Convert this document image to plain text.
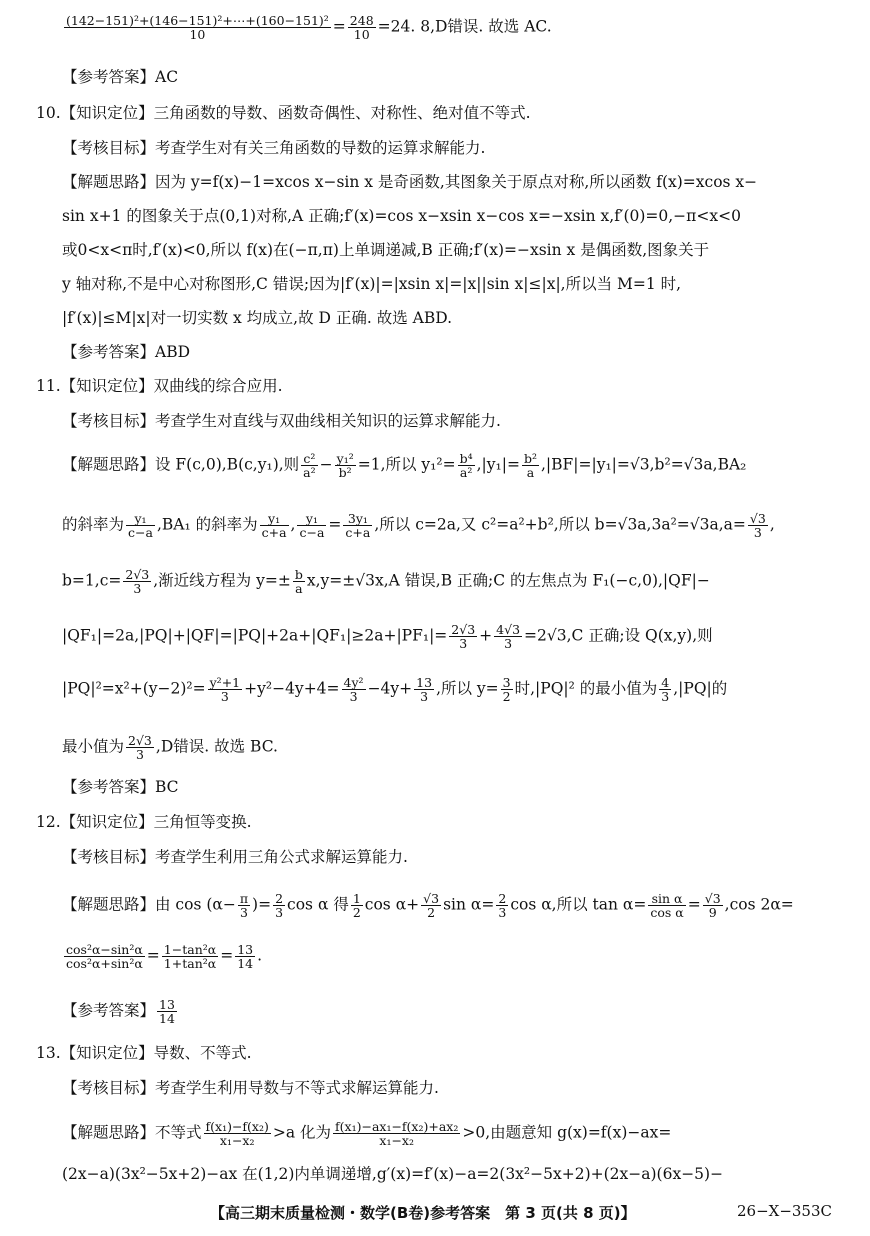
$\frac{\text{(142−151)²+(146−151)²+⋯+(160−151)²}}{10} = \frac{248}{10} =24$. 8,D错误. 故选 AC.
【参考答案】AC
10.【知识定位】三角函数的导数、函数奇偶性、对称性、绝对值不等式.
【考核目标】考查学生对有关三角函数的导数的运算求解能力.
【解题思路】因为 y=f(x)−1=xcos x−sin x 是奇函数,其图象关于原点对称,所以函数 f(x)=xcos x−
sin x+1 的图象关于点(0,1)对称,A 正确;f′(x)=cos x−xsin x−cos x=−xsin x,f′(0)=0,−π<x<0
或0<x<π时,f′(x)<0,所以 f(x)在(−π,π)上单调递减,B 正确;f′(x)=−xsin x 是偶函数,图象关于
y 轴对称,不是中心对称图形,C 错误;因为|f′(x)|=|xsin x|=|x||sin x|≤|x|,所以当 M=1 时,
|f′(x)|≤M|x|对一切实数 x 均成立,故 D 正确. 故选 ABD.
【参考答案】ABD
11.【知识定位】双曲线的综合应用.
【考核目标】考查学生对直线与双曲线相关知识的运算求解能力.
【解题思路】设 F(c,0),B(c,y₁),则 $\frac{\text{c²}}{\text{a²}} - \frac{\text{y₁²}}{\text{b²}} =1$,所以 $y_1^2= \frac{\text{b⁴}}{\text{a²}} ,|y_1|= \frac{\text{b²}}{a} ,|BF|=|y_1|=√3,b^2=√3a,BA_2$
的斜率为 $\frac{\text{y₁}}{c-a} ,BA_1$ 的斜率为 $\frac{\text{y₁}}{c+a}$ , $\frac{\text{y₁}}{c-a} = \frac{\text{3y₁}}{c+a}$ ,所以 c=2a,又 c²=a²+b²,所以 $b=√3a,3a^2=√3a,a= \frac{√3}{3}$ ,
$b=1,c= \frac{2√3}{3}$ ,渐近线方程为 $y=\pm \frac{b}{a} x,y=\pm√3x,A$ 错误,B 正确;C 的左焦点为 F₁(−c,0),|QF|−
$|QF_1|=2a,|PQ|+|QF|=|PQ|+2a+|QF_1|\ge 2a+|PF_1|= \frac{2√3}{3} + \frac{4√3}{3} =2√3,C$ 正确;设 Q(x,y),则
$|PQ|^2=x^2+(y-2)^2= \frac{\text{y²+1}}{3} +y^2-4y+4= \frac{\text{4y²}}{3} -4y+ \frac{13}{3}$ ,所以 $y= \frac{3}{2}$ 时,|PQ|² 的最小值为 $\frac{4}{3} ,|PQ|$的
最小值为 $\frac{2√3}{3} ,D$错误. 故选 BC.
【参考答案】BC
12.【知识定位】三角恒等变换.
【考核目标】考查学生利用三角公式求解运算能力.
【解题思路】由 $\cos (\alpha- \frac{\pi}{3}$ )= $\frac{2}{3}$ cos α 得 $\frac{1}{2}$ $\cos \alpha+ \frac{√3}{2}$ $\sin \alpha= \frac{2}{3}$ cos α,所以 $\tan \alpha= \frac{\text{sin α}}{\text{cos α}} = \frac{√3}{9} ,\cos$ 2α=
$\frac{\text{cos²α−sin²α}}{\text{cos²α+sin²α}} = \frac{\text{1−tan²α}}{\text{1+tan²α}} = \frac{13}{14}$ .
【参考答案】 $\frac{13}{14}$
13.【知识定位】导数、不等式.
【考核目标】考查学生利用导数与不等式求解运算能力.
【解题思路】不等式 $\frac{\text{f(x₁)−f(x₂)}}{\text{x₁−x₂}} >a$ 化为 $\frac{\text{f(x₁)−ax₁−f(x₂)+ax₂}}{\text{x₁−x₂}} >0$,由题意知 g(x)=f(x)−ax=
(2x−a)(3x²−5x+2)−ax 在(1,2)内单调递增,g′(x)=f′(x)−a=2(3x²−5x+2)+(2x−a)(6x−5)−
【高三期末质量检测・数学(B卷)参考答案　第 3 页(共 8 页)】	26−X−353C
